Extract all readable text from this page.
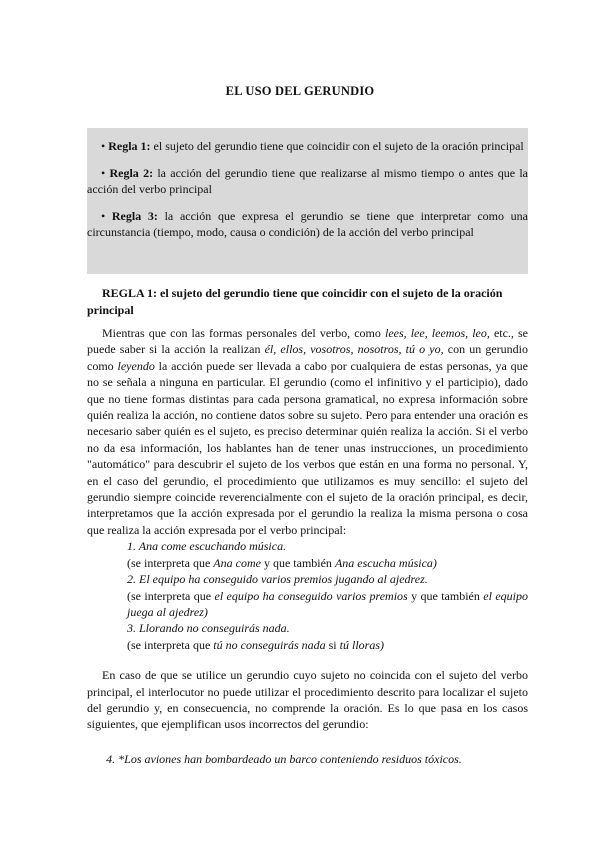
EL USO DEL GERUNDIO

• Regla 1: el sujeto del gerundio tiene que coincidir con el sujeto de la oración principal

• Regla 2: la acción del gerundio tiene que realizarse al mismo tiempo o antes que la acción del verbo principal

• Regla 3: la acción que expresa el gerundio se tiene que interpretar como una circunstancia (tiempo, modo, causa o condición) de la acción del verbo principal

REGLA 1: el sujeto del gerundio tiene que coincidir con el sujeto de la oración
principal

Mientras que con las formas personales del verbo, como lees, lee, leemos, leo, etc., se puede saber si la acción la realizan él, ellos, vosotros, nosotros, tú o yo, con un gerundio como leyendo la acción puede ser llevada a cabo por cualquiera de estas personas, ya que no se señala a ninguna en particular. El gerundio (como el infinitivo y el participio), dado que no tiene formas distintas para cada persona gramatical, no expresa información sobre quién realiza la acción, no contiene datos sobre su sujeto. Pero para entender una oración es necesario saber quién es el sujeto, es preciso determinar quién realiza la acción. Si el verbo no da esa información, los hablantes han de tener unas instrucciones, un procedimiento "automático" para descubrir el sujeto de los verbos que están en una forma no personal. Y, en el caso del gerundio, el procedimiento que utilizamos es muy sencillo: el sujeto del gerundio siempre coincide reverencialmente con el sujeto de la oración principal, es decir, interpretamos que la acción expresada por el gerundio la realiza la misma persona o cosa que realiza la acción expresada por el verbo principal:

1. Ana come escuchando música.
(se interpreta que Ana come y que también Ana escucha música)
2. El equipo ha conseguido varios premios jugando al ajedrez.
(se interpreta que el equipo ha conseguido varios premios y que también el equipo juega al ajedrez)
3. Llorando no conseguirás nada.
(se interpreta que tú no conseguirás nada si tú lloras)

En caso de que se utilice un gerundio cuyo sujeto no coincida con el sujeto del verbo principal, el interlocutor no puede utilizar el procedimiento descrito para localizar el sujeto del gerundio y, en consecuencia, no comprende la oración. Es lo que pasa en los casos siguientes, que ejemplifican usos incorrectos del gerundio:

4. *Los aviones han bombardeado un barco conteniendo residuos tóxicos.
